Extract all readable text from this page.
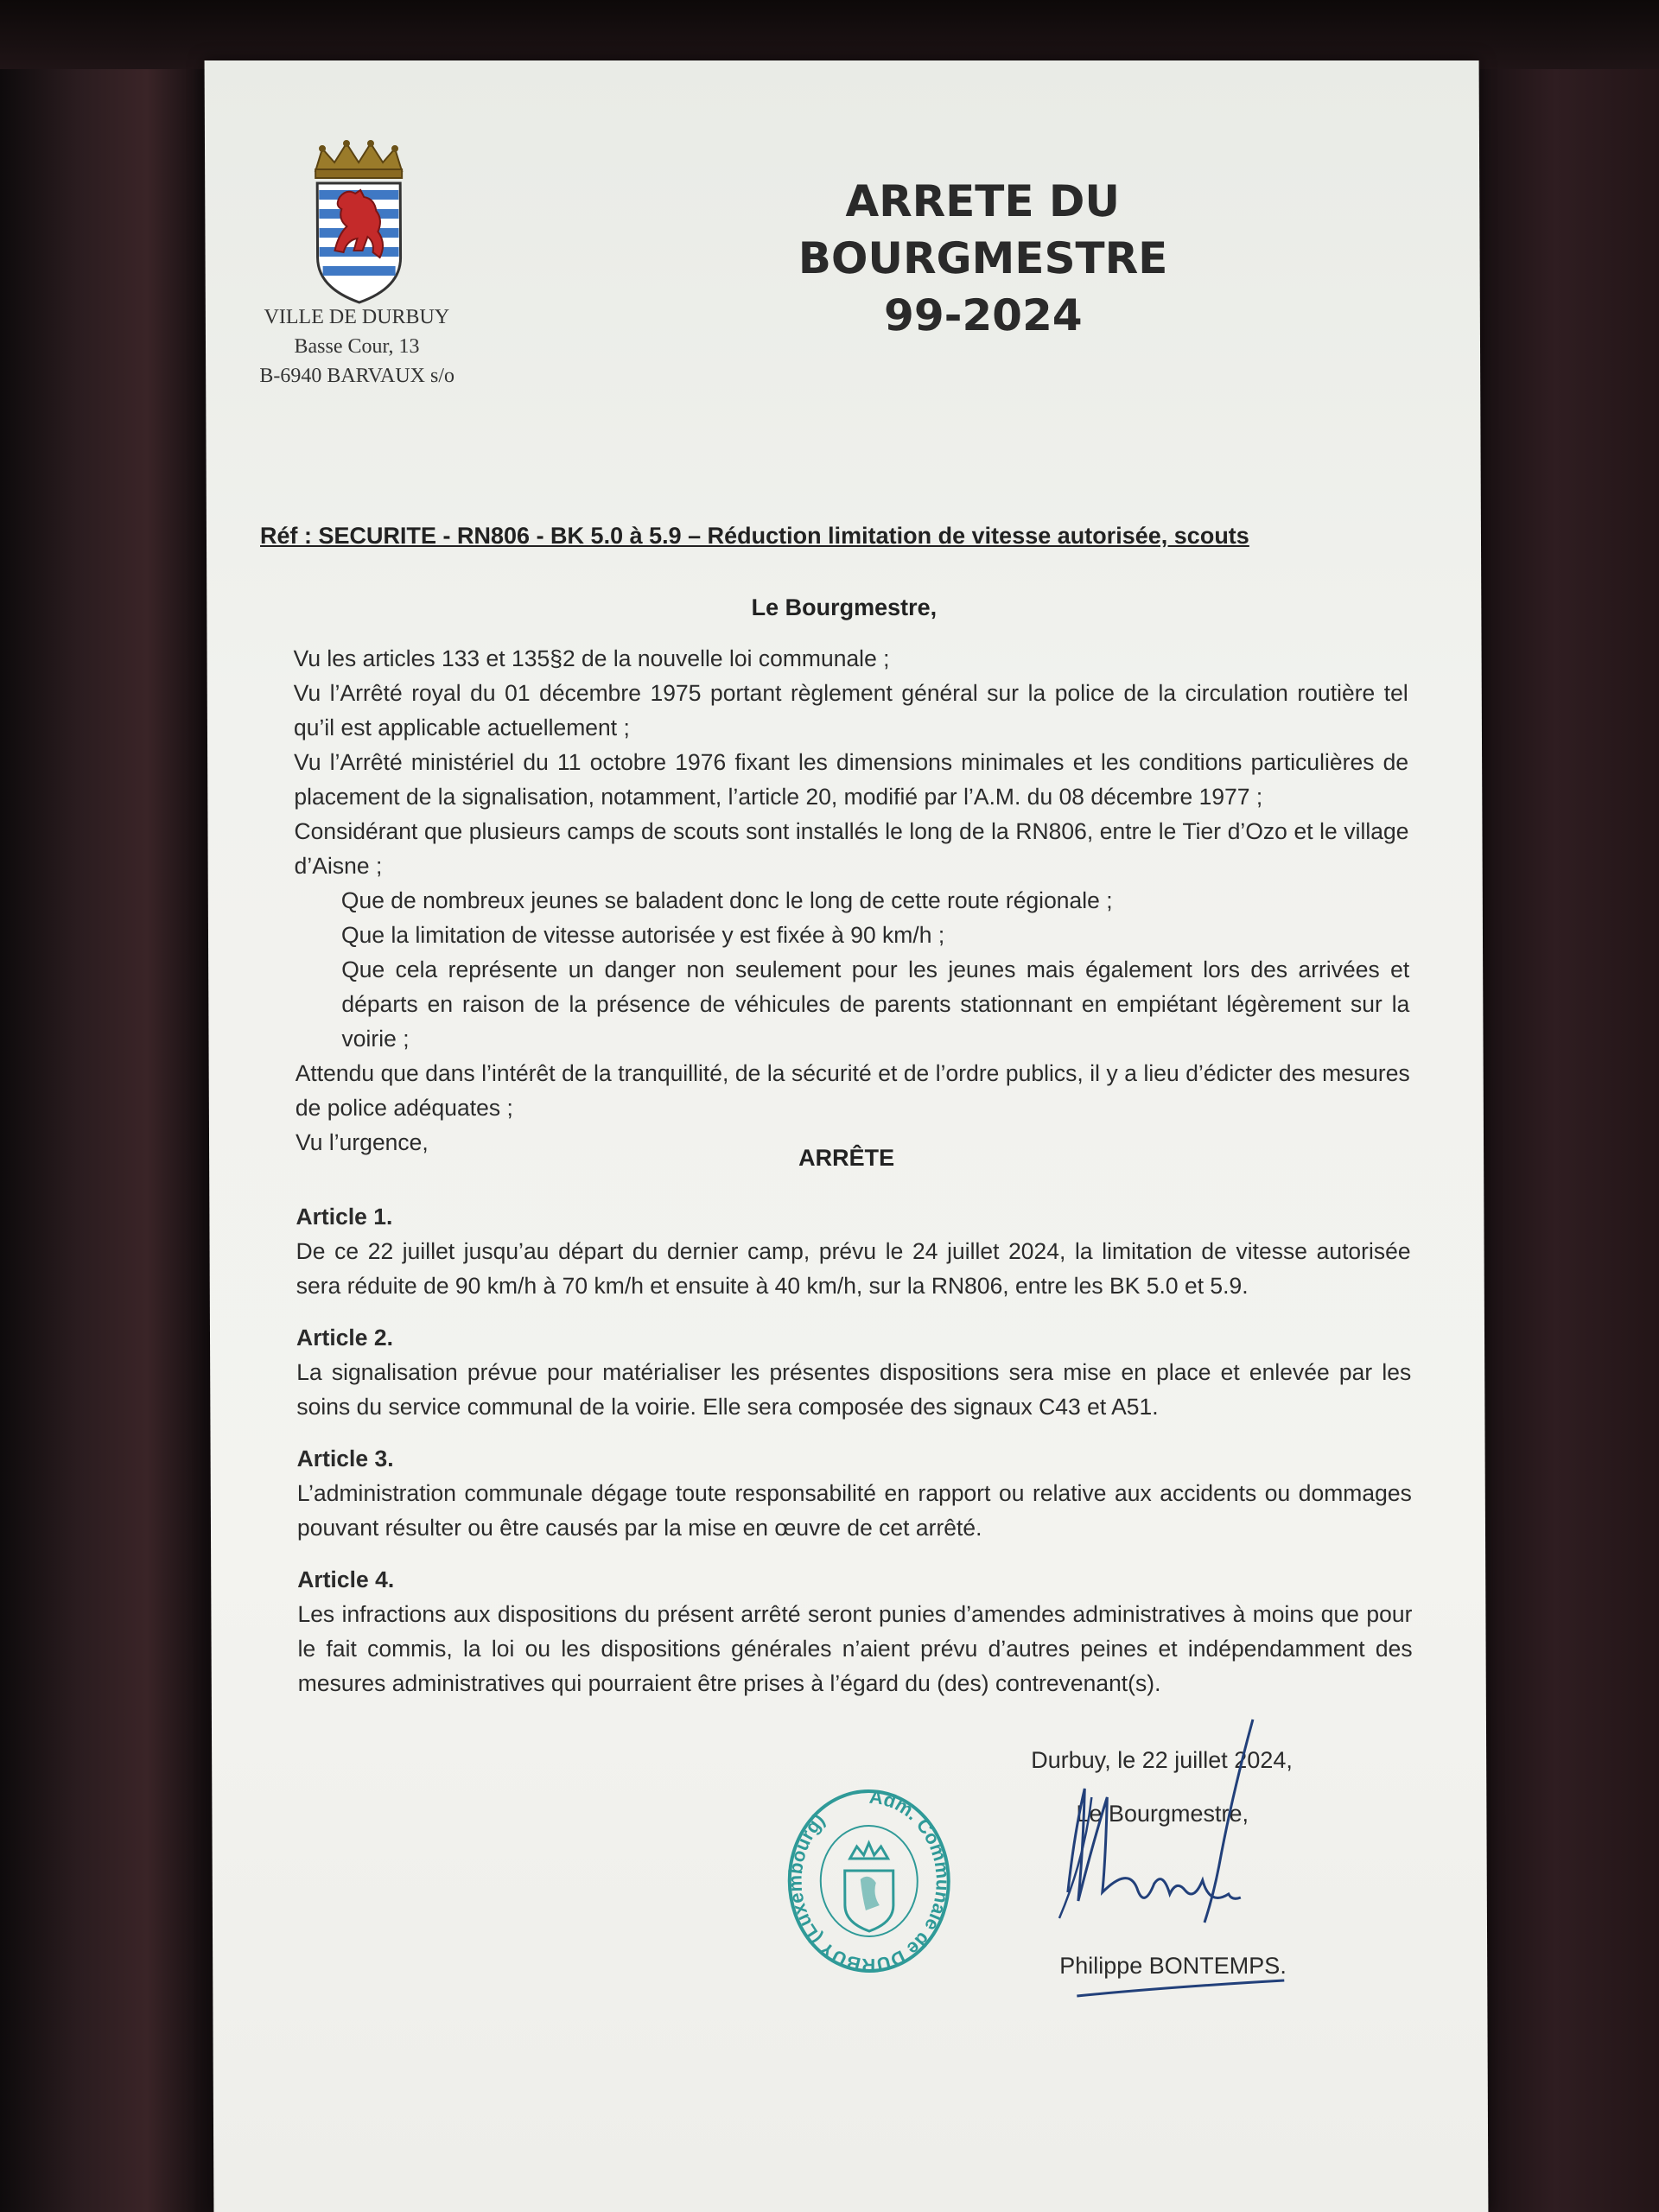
VILLE DE DURBUY
Basse Cour, 13
B-6940 BARVAUX s/o
ARRETE DU BOURGMESTRE
99-2024
Réf : SECURITE - RN806 - BK 5.0 à 5.9 – Réduction limitation de vitesse autorisée, scouts
Le Bourgmestre,

Vu les articles 133 et 135§2 de la nouvelle loi communale ;

Vu l’Arrêté royal du 01 décembre 1975 portant règlement général sur la police de la circulation routière tel qu’il est applicable actuellement ;

Vu l’Arrêté ministériel du 11 octobre 1976 fixant les dimensions minimales et les conditions particulières de placement de la signalisation, notamment, l’article 20, modifié par l’A.M. du 08 décembre 1977 ;

Considérant que plusieurs camps de scouts sont installés le long de la RN806, entre le Tier d’Ozo et le village d’Aisne ;

Que de nombreux jeunes se baladent donc le long de cette route régionale ;

Que la limitation de vitesse autorisée y est fixée à 90 km/h ;

Que cela représente un danger non seulement pour les jeunes mais également lors des arrivées et départs en raison de la présence de véhicules de parents stationnant en empiétant légèrement sur la voirie ;

Attendu que dans l’intérêt de la tranquillité, de la sécurité et de l’ordre publics, il y a lieu d’édicter des mesures de police adéquates ;

Vu l’urgence,

ARRÊTE

Article 1.

De ce 22 juillet jusqu’au départ du dernier camp, prévu le 24 juillet 2024, la limitation de vitesse autorisée sera réduite de 90 km/h à 70 km/h et ensuite à 40 km/h, sur la RN806, entre les BK 5.0 et 5.9.

Article 2.

La signalisation prévue pour matérialiser les présentes dispositions sera mise en place et enlevée par les soins du service communal de la voirie. Elle sera composée des signaux C43 et A51.

Article 3.

L’administration communale dégage toute responsabilité en rapport ou relative aux accidents ou dommages pouvant résulter ou être causés par la mise en œuvre de cet arrêté.

Article 4.

Les infractions aux dispositions du présent arrêté seront punies d’amendes administratives à moins que pour le fait commis, la loi ou les dispositions générales n’aient prévu d’autres peines et indépendamment des mesures administratives qui pourraient être prises à l’égard du (des) contrevenant(s).

Adm. Communale de DURBUY (Luxembourg)
Durbuy, le 22 juillet 2024,
Le Bourgmestre,
Philippe BONTEMPS.
